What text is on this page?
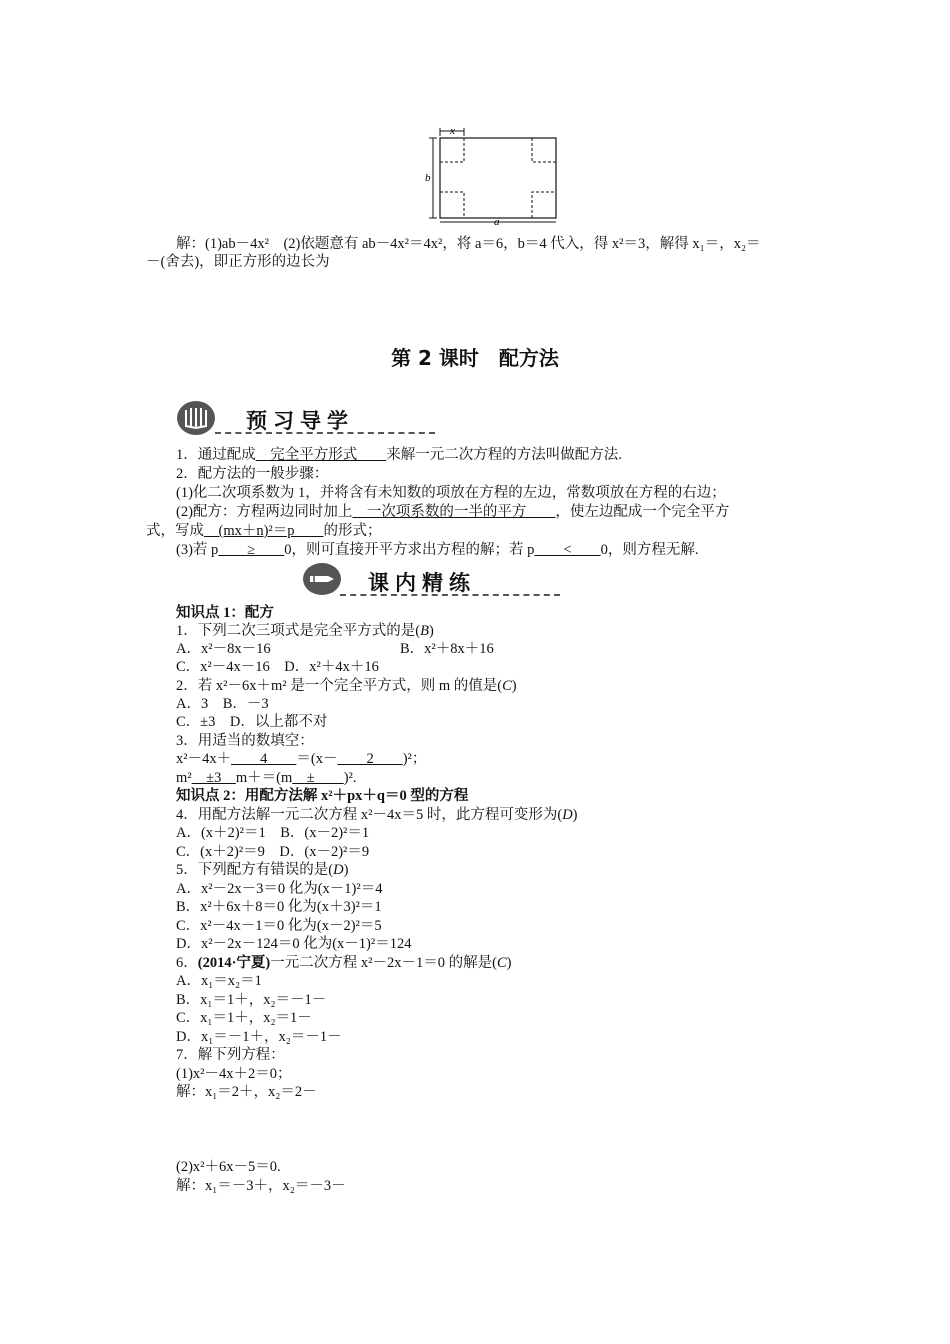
x
b
a
解：(1)ab－4x²　(2)依题意有 ab－4x²＝4x²，将 a＝6，b＝4 代入，得 x²＝3，解得 x₁＝，x₂＝
－(舍去)，即正方形的边长为
第 2 课时　配方法
预习导学
1．通过配成　完全平方形式　　来解一元二次方程的方法叫做配方法.
2．配方法的一般步骤：
(1)化二次项系数为 1，并将含有未知数的项放在方程的左边，常数项放在方程的右边；
(2)配方：方程两边同时加上　一次项系数的一半的平方　　，使左边配成一个完全平方
式，写成　(mx＋n)²＝p　　的形式；
(3)若 p　　≥　　0，则可直接开平方求出方程的解；若 p　　<　　0，则方程无解.
课内精练
知识点 1：配方
1．下列二次三项式是完全平方式的是(B)
A．x²－8x－16	B．x²＋8x＋16
C．x²－4x－16　D．x²＋4x＋16
2．若 x²－6x＋m² 是一个完全平方式，则 m 的值是(C)
A．3　B．－3
C．±3　D．以上都不对
3．用适当的数填空：
x²－4x＋　　4　　＝(x－　　2　　)²；
m²　±3　m＋＝(m　±　　)².
知识点 2：用配方法解 x²＋px＋q＝0 型的方程
4．用配方法解一元二次方程 x²－4x＝5 时，此方程可变形为(D)
A．(x＋2)²＝1　B．(x－2)²＝1
C．(x＋2)²＝9　D．(x－2)²＝9
5．下列配方有错误的是(D)
A．x²－2x－3＝0 化为(x－1)²＝4
B．x²＋6x＋8＝0 化为(x＋3)²＝1
C．x²－4x－1＝0 化为(x－2)²＝5
D．x²－2x－124＝0 化为(x－1)²＝124
6．(2014·宁夏)一元二次方程 x²－2x－1＝0 的解是(C)
A．x₁＝x₂＝1
B．x₁＝1＋，x₂＝－1－
C．x₁＝1＋，x₂＝1－
D．x₁＝－1＋，x₂＝－1－
7．解下列方程：
(1)x²－4x＋2＝0；
解：x₁＝2＋，x₂＝2－
(2)x²＋6x－5＝0.
解：x₁＝－3＋，x₂＝－3－
